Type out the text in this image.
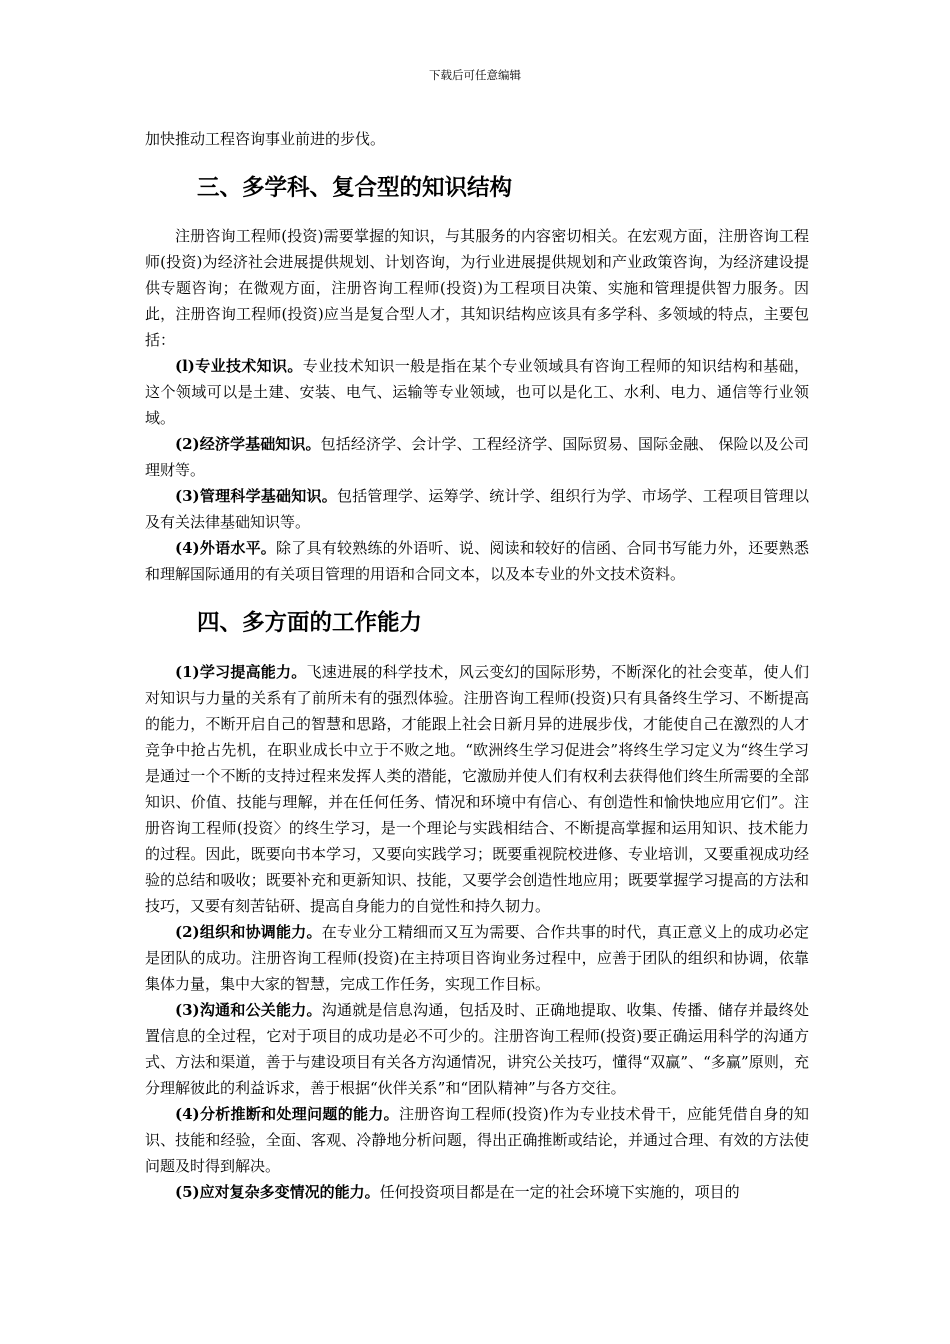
下载后可任意编辑

加快推动工程咨询事业前进的步伐。

三、多学科、复合型的知识结构

注册咨询工程师(投资)需要掌握的知识，与其服务的内容密切相关。在宏观方面，注册咨询工程师(投资)为经济社会进展提供规划、计划咨询，为行业进展提供规划和产业政策咨询，为经济建设提供专题咨询；在微观方面，注册咨询工程师(投资)为工程项目决策、实施和管理提供智力服务。因此，注册咨询工程师(投资)应当是复合型人才，其知识结构应该具有多学科、多领域的特点，主要包括：

(l)专业技术知识。专业技术知识一般是指在某个专业领域具有咨询工程师的知识结构和基础，这个领域可以是土建、安装、电气、运输等专业领域，也可以是化工、水利、电力、通信等行业领域。

(2)经济学基础知识。包括经济学、会计学、工程经济学、国际贸易、国际金融、 保险以及公司理财等。

(3)管理科学基础知识。包括管理学、运筹学、统计学、组织行为学、市场学、工程项目管理以及有关法律基础知识等。

(4)外语水平。除了具有较熟练的外语听、说、阅读和较好的信函、合同书写能力外，还要熟悉和理解国际通用的有关项目管理的用语和合同文本，以及本专业的外文技术资料。

四、多方面的工作能力

(1)学习提高能力。飞速进展的科学技术，风云变幻的国际形势，不断深化的社会变革，使人们对知识与力量的关系有了前所未有的强烈体验。注册咨询工程师(投资)只有具备终生学习、不断提高的能力，不断开启自己的智慧和思路，才能跟上社会日新月异的进展步伐，才能使自己在激烈的人才竞争中抢占先机，在职业成长中立于不败之地。“欧洲终生学习促进会”将终生学习定义为“终生学习是通过一个不断的支持过程来发挥人类的潜能，它激励并使人们有权利去获得他们终生所需要的全部知识、价值、技能与理解，并在任何任务、情况和环境中有信心、有创造性和愉快地应用它们”。注册咨询工程师(投资〉的终生学习，是一个理论与实践相结合、不断提高掌握和运用知识、技术能力的过程。因此，既要向书本学习，又要向实践学习；既要重视院校进修、专业培训，又要重视成功经验的总结和吸收；既要补充和更新知识、技能，又要学会创造性地应用；既要掌握学习提高的方法和技巧，又要有刻苦钻研、提高自身能力的自觉性和持久韧力。

(2)组织和协调能力。在专业分工精细而又互为需要、合作共事的时代，真正意义上的成功必定是团队的成功。注册咨询工程师(投资)在主持项目咨询业务过程中，应善于团队的组织和协调，依靠集体力量，集中大家的智慧，完成工作任务，实现工作目标。

(3)沟通和公关能力。沟通就是信息沟通，包括及时、正确地提取、收集、传播、储存并最终处置信息的全过程，它对于项目的成功是必不可少的。注册咨询工程师(投资)要正确运用科学的沟通方式、方法和渠道，善于与建设项目有关各方沟通情况，讲究公关技巧，懂得“双赢”、“多赢”原则，充分理解彼此的利益诉求，善于根据“伙伴关系”和“团队精神”与各方交往。

(4)分析推断和处理问题的能力。注册咨询工程师(投资)作为专业技术骨干，应能凭借自身的知识、技能和经验，全面、客观、冷静地分析问题，得出正确推断或结论，并通过合理、有效的方法使问题及时得到解决。

(5)应对复杂多变情况的能力。任何投资项目都是在一定的社会环境下实施的，项目的
